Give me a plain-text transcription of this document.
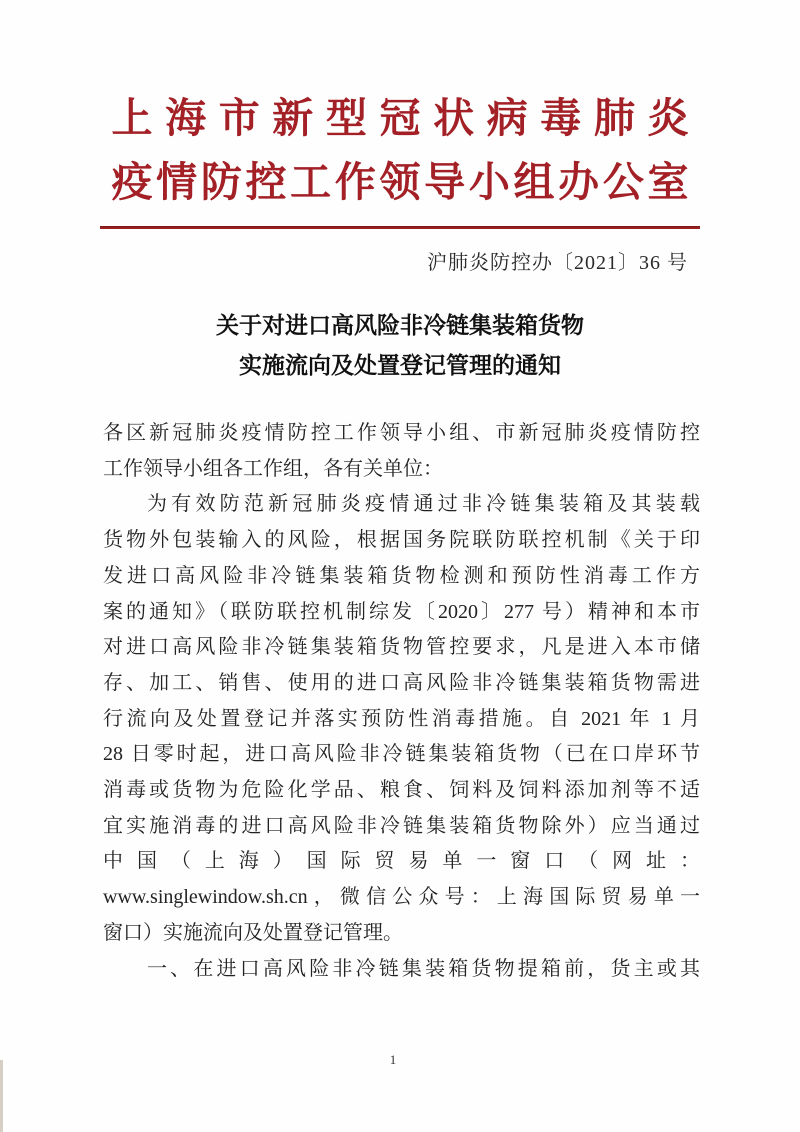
上海市新型冠状病毒肺炎
疫情防控工作领导小组办公室
沪肺炎防控办〔2021〕36 号
关于对进口高风险非冷链集装箱货物
实施流向及处置登记管理的通知
各区新冠肺炎疫情防控工作领导小组、市新冠肺炎疫情防控
工作领导小组各工作组，各有关单位：
为有效防范新冠肺炎疫情通过非冷链集装箱及其装载
货物外包装输入的风险，根据国务院联防联控机制《关于印
发进口高风险非冷链集装箱货物检测和预防性消毒工作方
案的通知》（联防联控机制综发〔2020〕277 号）精神和本市
对进口高风险非冷链集装箱货物管控要求，凡是进入本市储
存、加工、销售、使用的进口高风险非冷链集装箱货物需进
行流向及处置登记并落实预防性消毒措施。自 2021 年 1 月
28 日零时起，进口高风险非冷链集装箱货物（已在口岸环节
消毒或货物为危险化学品、粮食、饲料及饲料添加剂等不适
宜实施消毒的进口高风险非冷链集装箱货物除外）应当通过
中国（上海）国际贸易单一窗口（网址：
www.singlewindow.sh.cn，微信公众号：上海国际贸易单一
窗口）实施流向及处置登记管理。
一、在进口高风险非冷链集装箱货物提箱前，货主或其
1
